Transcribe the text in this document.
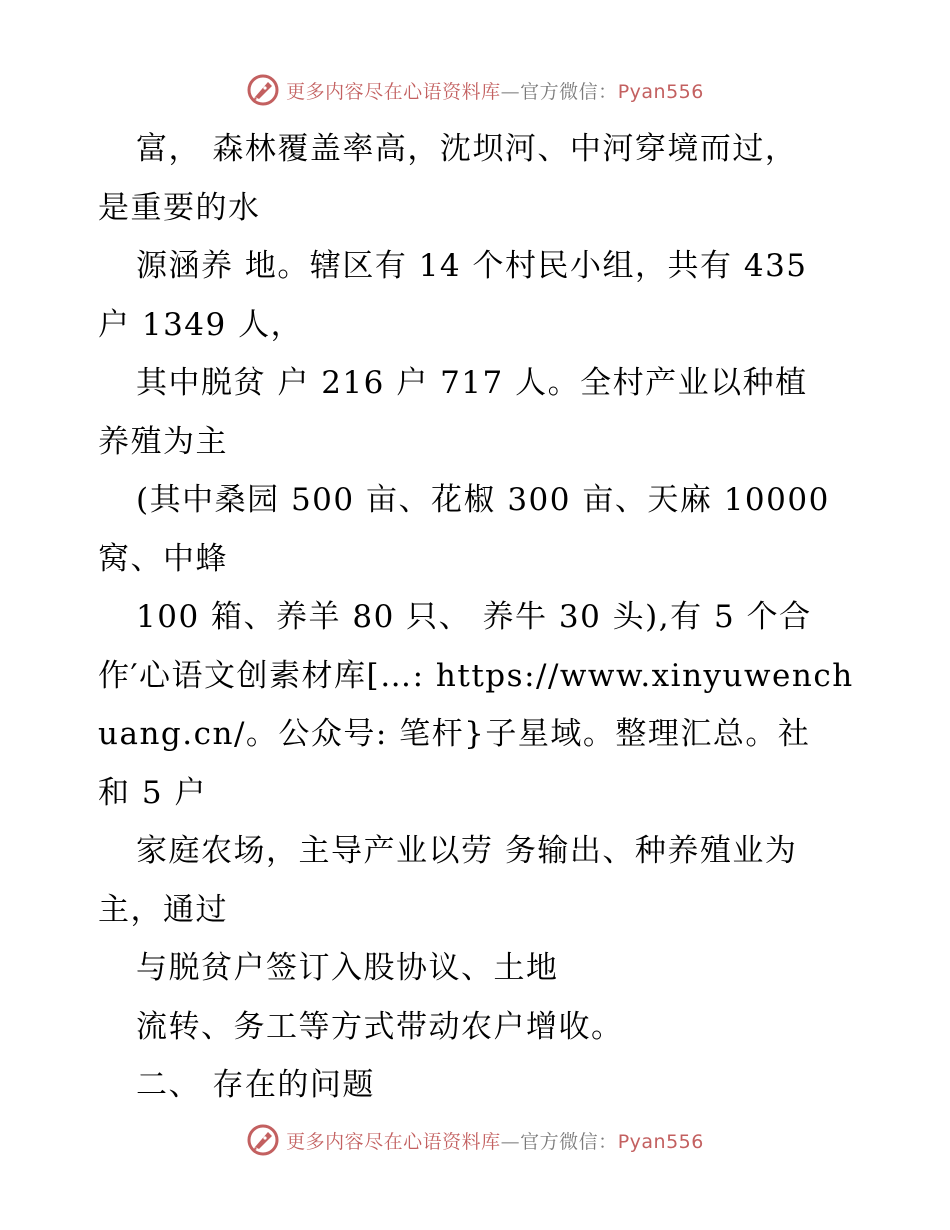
更多内容尽在心语资料库—官方微信：Pyan556
富， 森林覆盖率高，沈坝河、中河穿境而过，
是重要的水
源涵养 地。辖区有 14 个村民小组，共有 435
户 1349 人，
其中脱贫 户 216 户 717 人。全村产业以种植
养殖为主
(其中桑园 500 亩、花椒 300 亩、天麻 10000
窝、中蜂
100 箱、养羊 80 只、 养牛 30 头),有 5 个合
作′心语文创素材库[…: https://www.xinyuwench
uang.cn/。公众号: 笔杆}子星域。整理汇总。社
和 5 户
家庭农场，主导产业以劳 务输出、种养殖业为
主，通过
与脱贫户签订入股协议、土地
流转、务工等方式带动农户增收。
二、 存在的问题
更多内容尽在心语资料库—官方微信：Pyan556
